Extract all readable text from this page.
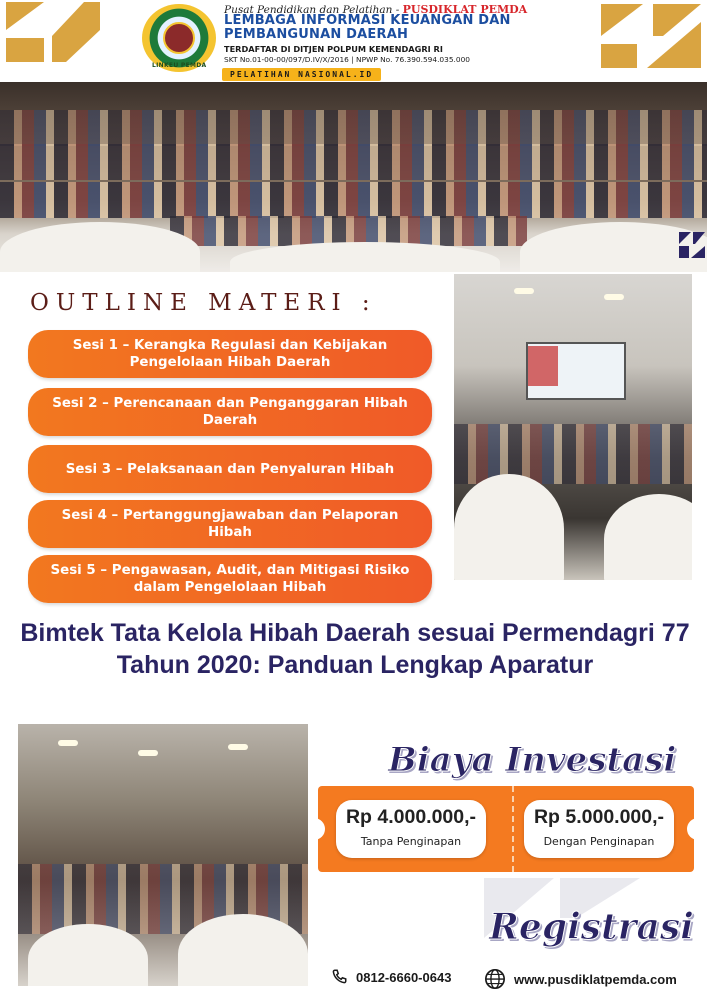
LINKEU PEMDA
Pusat Pendidikan dan Pelatihan - PUSDIKLAT PEMDA
LEMBAGA INFORMASI KEUANGAN DAN PEMBANGUNAN DAERAH
TERDAFTAR DI DITJEN POLPUM KEMENDAGRI RI
SKT No.01-00-00/097/D.IV/X/2016 | NPWP No. 76.390.594.035.000
PELATIHAN NASIONAL.ID
OUTLINE MATERI :
Sesi 1 – Kerangka Regulasi dan Kebijakan Pengelolaan Hibah Daerah
Sesi 2 – Perencanaan dan Penganggaran Hibah Daerah
Sesi 3 – Pelaksanaan dan Penyaluran Hibah
Sesi 4 – Pertanggungjawaban dan Pelaporan Hibah
Sesi 5 – Pengawasan, Audit, dan Mitigasi Risiko dalam Pengelolaan Hibah
Bimtek Tata Kelola Hibah Daerah sesuai Permendagri 77 Tahun 2020: Panduan Lengkap Aparatur
Biaya Investasi
Rp 4.000.000,-
Tanpa Penginapan
Rp 5.000.000,-
Dengan Penginapan
Registrasi
0812-6660-0643	www.pusdiklatpemda.com
